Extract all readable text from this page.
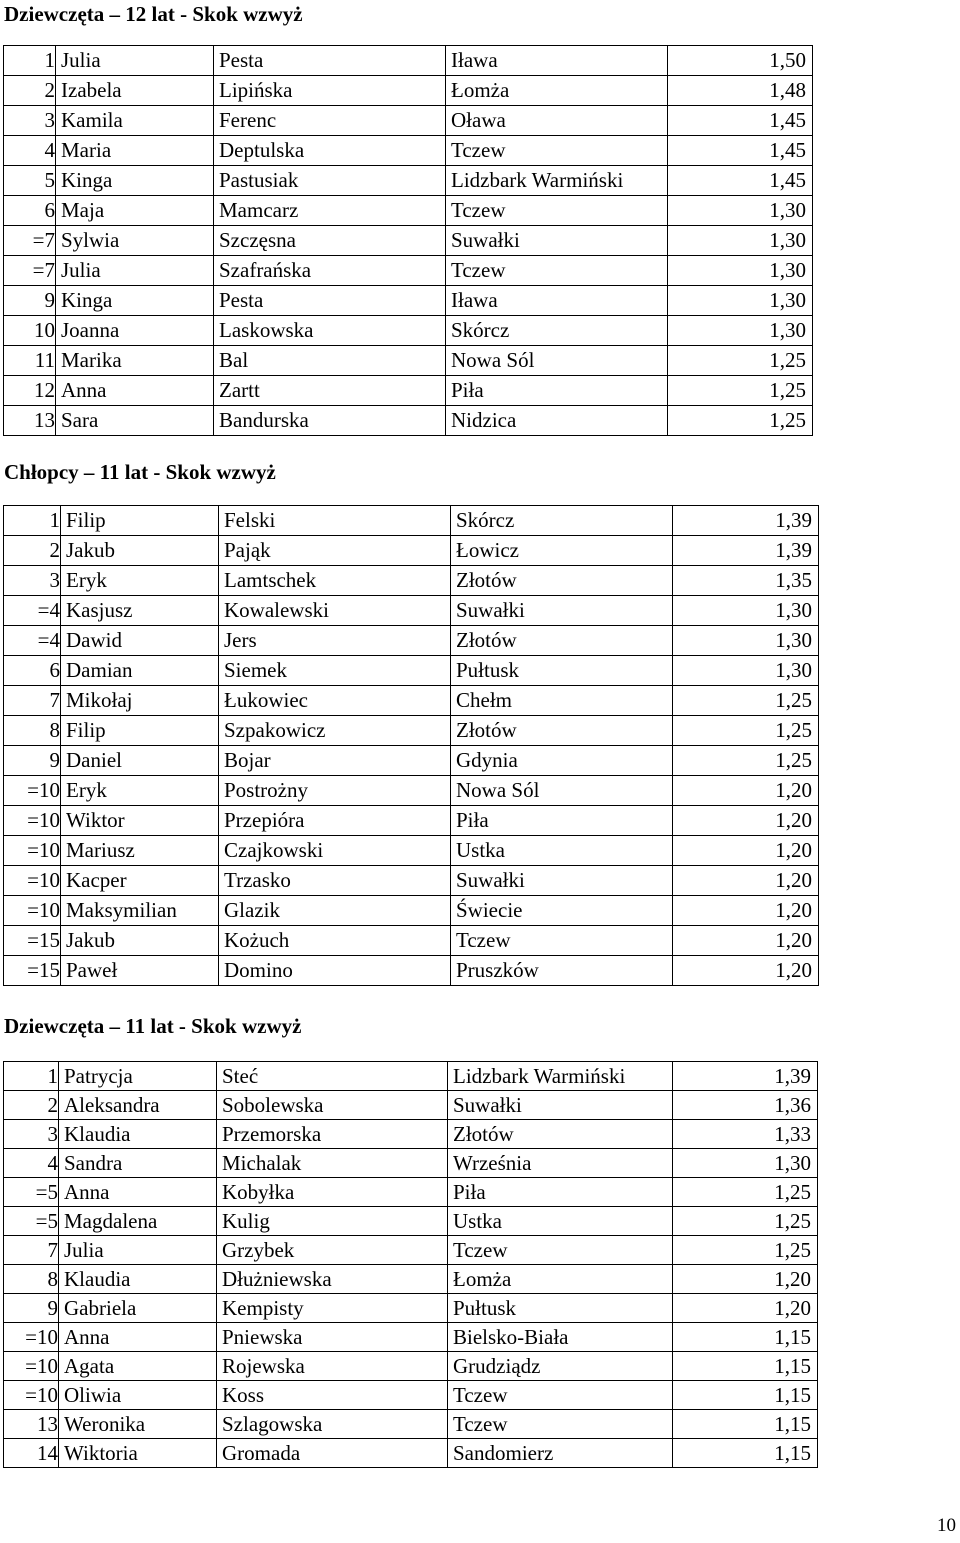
Dziewczęta – 12 lat - Skok wzwyż
1	Julia	Pesta	Iława	1,50
2	Izabela	Lipińska	Łomża	1,48
3	Kamila	Ferenc	Oława	1,45
4	Maria	Deptulska	Tczew	1,45
5	Kinga	Pastusiak	Lidzbark Warmiński	1,45
6	Maja	Mamcarz	Tczew	1,30
=7	Sylwia	Szczęsna	Suwałki	1,30
=7	Julia	Szafrańska	Tczew	1,30
9	Kinga	Pesta	Iława	1,30
10	Joanna	Laskowska	Skórcz	1,30
11	Marika	Bal	Nowa Sól	1,25
12	Anna	Zartt	Piła	1,25
13	Sara	Bandurska	Nidzica	1,25
Chłopcy – 11 lat - Skok wzwyż
1	Filip	Felski	Skórcz	1,39
2	Jakub	Pająk	Łowicz	1,39
3	Eryk	Lamtschek	Złotów	1,35
=4	Kasjusz	Kowalewski	Suwałki	1,30
=4	Dawid	Jers	Złotów	1,30
6	Damian	Siemek	Pułtusk	1,30
7	Mikołaj	Łukowiec	Chełm	1,25
8	Filip	Szpakowicz	Złotów	1,25
9	Daniel	Bojar	Gdynia	1,25
=10	Eryk	Postrożny	Nowa Sól	1,20
=10	Wiktor	Przepióra	Piła	1,20
=10	Mariusz	Czajkowski	Ustka	1,20
=10	Kacper	Trzasko	Suwałki	1,20
=10	Maksymilian	Glazik	Świecie	1,20
=15	Jakub	Kożuch	Tczew	1,20
=15	Paweł	Domino	Pruszków	1,20
Dziewczęta – 11 lat - Skok wzwyż
1	Patrycja	Steć	Lidzbark Warmiński	1,39
2	Aleksandra	Sobolewska	Suwałki	1,36
3	Klaudia	Przemorska	Złotów	1,33
4	Sandra	Michalak	Września	1,30
=5	Anna	Kobyłka	Piła	1,25
=5	Magdalena	Kulig	Ustka	1,25
7	Julia	Grzybek	Tczew	1,25
8	Klaudia	Dłużniewska	Łomża	1,20
9	Gabriela	Kempisty	Pułtusk	1,20
=10	Anna	Pniewska	Bielsko-Biała	1,15
=10	Agata	Rojewska	Grudziądz	1,15
=10	Oliwia	Koss	Tczew	1,15
13	Weronika	Szlagowska	Tczew	1,15
14	Wiktoria	Gromada	Sandomierz	1,15
10
